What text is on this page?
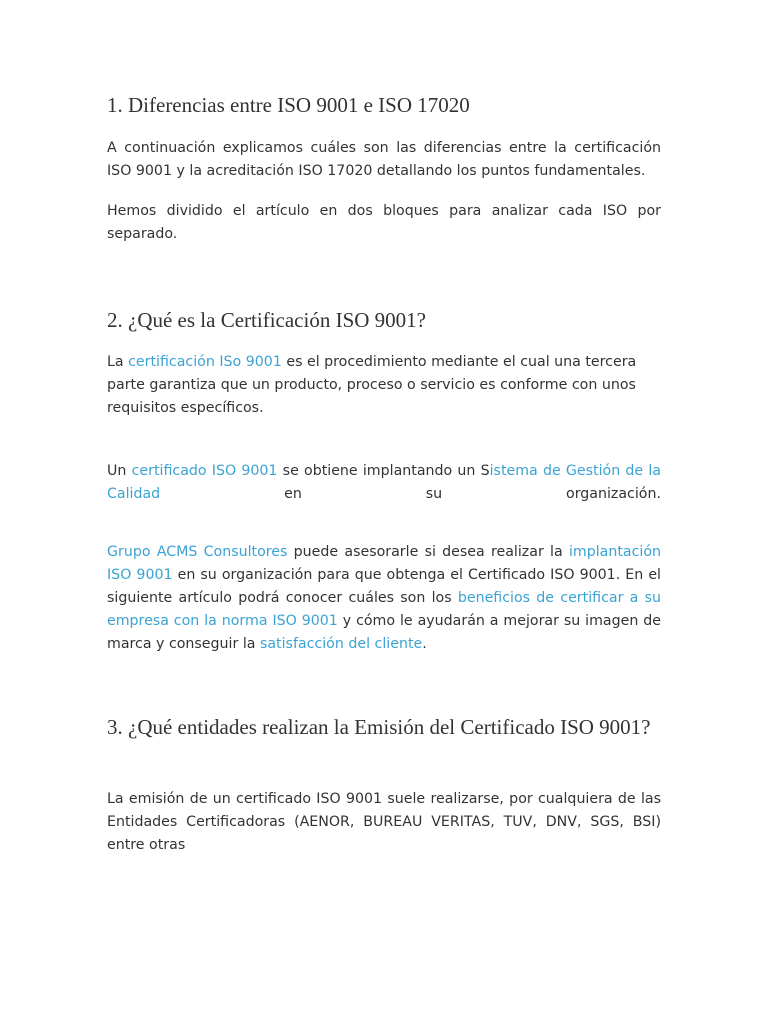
1. Diferencias entre ISO 9001 e ISO 17020

A continuación explicamos cuáles son las diferencias entre la certificación ISO 9001 y la acreditación ISO 17020 detallando los puntos fundamentales.

Hemos dividido el artículo en dos bloques para analizar cada ISO por separado.

2. ¿Qué es la Certificación ISO 9001?

La certificación ISo 9001 es el procedimiento mediante el cual una tercera parte garantiza que un producto, proceso o servicio es conforme con unos requisitos específicos.

Un certificado ISO 9001 se obtiene implantando un Sistema de Gestión de la Calidad en su organización.

Grupo ACMS Consultores puede asesorarle si desea realizar la implantación ISO 9001 en su organización para que obtenga el Certificado ISO 9001. En el siguiente artículo podrá conocer cuáles son los beneficios de certificar a su empresa con la norma ISO 9001 y cómo le ayudarán a mejorar su imagen de marca y conseguir la satisfacción del cliente.

3. ¿Qué entidades realizan la Emisión del Certificado ISO 9001?

La emisión de un certificado ISO 9001 suele realizarse, por cualquiera de las Entidades Certificadoras (AENOR, BUREAU VERITAS, TUV, DNV, SGS, BSI) entre otras
